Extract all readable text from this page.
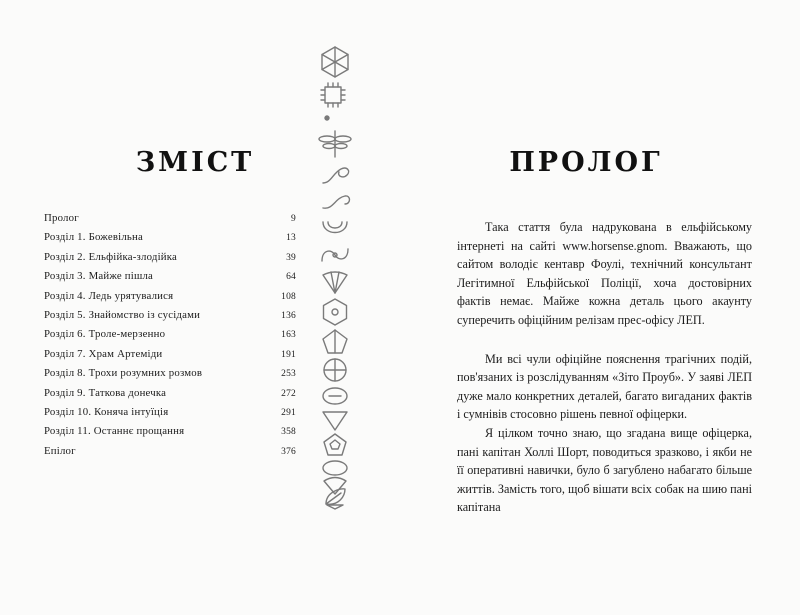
ЗМІСТ
Пролог	9
Розділ 1. Божевільна	13
Розділ 2. Ельфійка-злодійка	39
Розділ 3. Майже пішла	64
Розділ 4. Ледь урятувалися	108
Розділ 5. Знайомство із сусідами	136
Розділ 6. Троле-мерзенно	163
Розділ 7. Храм Артеміди	191
Розділ 8. Трохи розумних розмов	253
Розділ 9. Таткова донечка	272
Розділ 10. Коняча інтуїція	291
Розділ 11. Останнє прощання	358
Епілог	376
ПРОЛОГ

Така стаття була надрукована в ельфійському інтернеті на сайті www.horsense.gnom. Вважають, що сайтом володіє кентавр Фоулі, технічний консультант Легітимної Ельфійської Поліції, хоча достовірних фактів немає. Майже кожна деталь цього акаунту суперечить офіційним релізам прес-офісу ЛЕП.

Ми всі чули офіційне пояснення трагічних подій, пов'язаних із розслідуванням «Зіто Проуб». У заяві ЛЕП дуже мало конкретних деталей, багато вигаданих фактів і сумнівів стосовно рішень певної офіцерки.

Я цілком точно знаю, що згадана вище офіцерка, пані капітан Холлі Шорт, поводиться зразково, і якби не її оперативні навички, було б загублено набагато більше життів. Замість того, щоб вішати всіх собак на шию пані капітана
